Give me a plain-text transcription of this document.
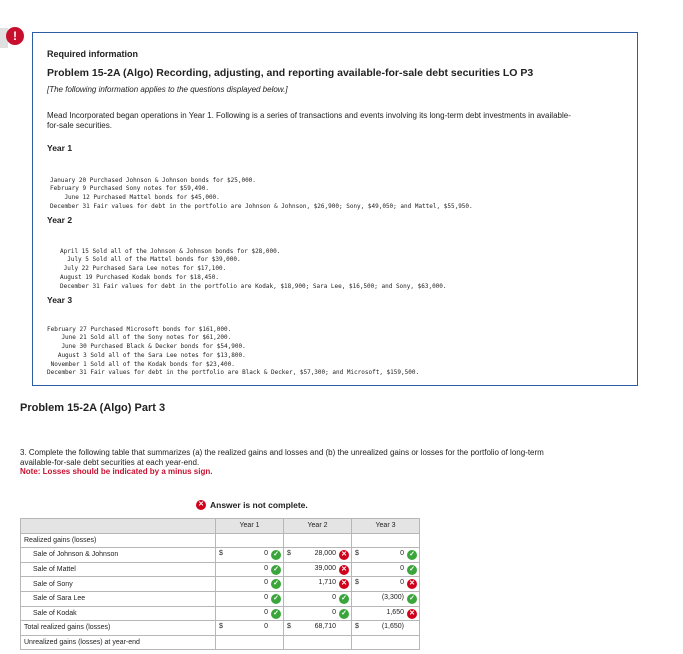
!
Required information
Problem 15-2A (Algo) Recording, adjusting, and reporting available-for-sale debt securities LO P3
[The following information applies to the questions displayed below.]
Mead Incorporated began operations in Year 1. Following is a series of transactions and events involving its long-term debt investments in available-for-sale securities.
Year 1

January 20 Purchased Johnson & Johnson bonds for $25,000.
February 9 Purchased Sony notes for $59,490.
June 12 Purchased Mattel bonds for $45,000.
December 31 Fair values for debt in the portfolio are Johnson & Johnson, $26,900; Sony, $49,050; and Mattel, $55,950.
Year 2

April 15 Sold all of the Johnson & Johnson bonds for $28,000.
July 5 Sold all of the Mattel bonds for $39,000.
July 22 Purchased Sara Lee notes for $17,100.
August 19 Purchased Kodak bonds for $18,450.
December 31 Fair values for debt in the portfolio are Kodak, $18,900; Sara Lee, $16,500; and Sony, $63,000.
Year 3

February 27 Purchased Microsoft bonds for $161,000.
June 21 Sold all of the Sony notes for $61,200.
June 30 Purchased Black & Decker bonds for $54,900.
August 3 Sold all of the Sara Lee notes for $13,800.
November 1 Sold all of the Kodak bonds for $23,400.
December 31 Fair values for debt in the portfolio are Black & Decker, $57,300; and Microsoft, $159,500.
Problem 15-2A (Algo) Part 3
3. Complete the following table that summarizes (a) the realized gains and losses and (b) the unrealized gains or losses for the portfolio of long-term available-for-sale debt securities at each year-end.
Note: Losses should be indicated by a minus sign.
✕ Answer is not complete.
	Year 1	Year 2	Year 3
Realized gains (losses)			
Sale of Johnson & Johnson	$ 0 ✓	$ 28,000 ✕	$ 0 ✓

Sale of Mattel	0 ✓	39,000 ✕	0 ✓

Sale of Sony	0 ✓	1,710 ✕	$ 0 ✕

Sale of Sara Lee	0 ✓	0 ✓	(3,300) ✓

Sale of Kodak	0 ✓	0 ✓	1,650 ✕

Total realized gains (losses)	$ 0	$ 68,710	$ (1,650)

Unrealized gains (losses) at year-end			
